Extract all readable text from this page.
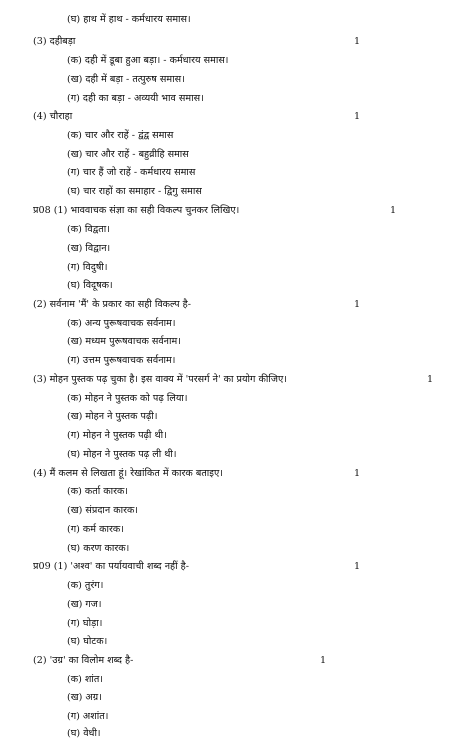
(घ) हाथ में हाथ - कर्मधारय समास।
(3) दहीबड़ा	1
(क) दही में डूबा हुआ बड़ा। - कर्मधारय समास।
(ख) दही में बड़ा - तत्पुरुष समास।
(ग) दही का बड़ा - अव्ययी भाव समास।
(4) चौराहा	1
(क) चार और राहें - द्वंद्व समास
(ख) चार और राहें - बहुव्रीहि समास
(ग) चार हैं जो राहें - कर्मधारय समास
(घ) चार राहों का समाहार - द्विगु समास
प्र08 (1) भाववाचक संज्ञा का सही विकल्प चुनकर लिखिए।	1
(क) विद्वता।
(ख) विद्वान।
(ग) विदुषी।
(घ) विदूषक।
(2) सर्वनाम 'मैं' के प्रकार का सही विकल्प है-	1
(क) अन्य पुरूषवाचक सर्वनाम।
(ख) मध्यम पुरूषवाचक सर्वनाम।
(ग) उत्तम पुरूषवाचक सर्वनाम।
(3) मोहन पुस्तक पढ़ चुका है। इस वाक्य में 'परसर्ग ने' का प्रयोग कीजिए।	1
(क) मोहन ने पुस्तक को पढ़ लिया।
(ख) मोहन ने पुस्तक पढ़ी।
(ग) मोहन ने पुस्तक पढ़ी थी।
(घ) मोहन ने पुस्तक पढ़ ली थी।
(4) मैं कलम से लिखता हूं। रेखांकित में कारक बताइए।	1
(क) कर्ता कारक।
(ख) संप्रदान कारक।
(ग) कर्म कारक।
(घ) करण कारक।
प्र09 (1) 'अश्व' का पर्यायवाची शब्द नहीं है-	1
(क) तुरंग।
(ख) गज।
(ग) घोड़ा।
(घ) घोटक।
(2) 'उग्र' का विलोम शब्द है-	1
(क) शांत।
(ख) अग्र।
(ग) अशांत।
(घ) वेधी।
